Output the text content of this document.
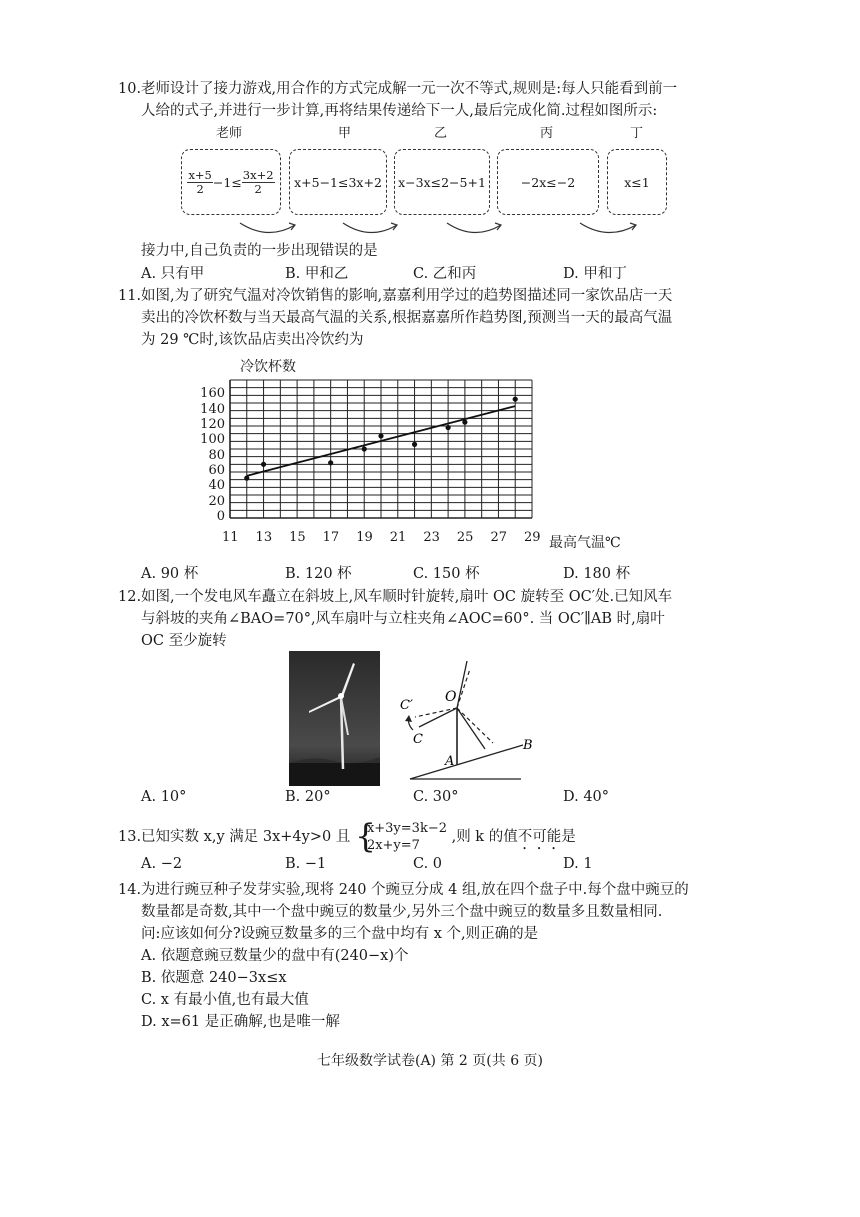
10.老师设计了接力游戏,用合作的方式完成解一元一次不等式,规则是:每人只能看到前一
人给的式子,并进行一步计算,再将结果传递给下一人,最后完成化简.过程如图所示:
老师	甲	乙	丙	丁
$\frac{x+5}{2} -1\le \frac{3x+2}{2}$	x+5−1≤3x+2	x−3x≤2−5+1	−2x≤−2	x≤1
接力中,自己负责的一步出现错误的是
A. 只有甲	B. 甲和乙	C. 乙和丙	D. 甲和丁
11.如图,为了研究气温对冷饮销售的影响,嘉嘉利用学过的趋势图描述同一家饮品店一天
卖出的冷饮杯数与当天最高气温的关系,根据嘉嘉所作趋势图,预测当一天的最高气温
为 29 ℃时,该饮品店卖出冷饮约为
冷饮杯数
最高气温℃
11 13 15 17 19 21 23 25 27 29
0
20
40
60
80
100
120
140
160
A. 90 杯	B. 120 杯	C. 150 杯	D. 180 杯
12.如图,一个发电风车矗立在斜坡上,风车顺时针旋转,扇叶 OC 旋转至 OC′处.已知风车
与斜坡的夹角∠BAO=70°,风车扇叶与立柱夹角∠AOC=60°. 当 OC′∥AB 时,扇叶
OC 至少旋转
O
C′
C
A
B
A. 10°	B. 20°	C. 30°	D. 40°
13.已知实数 x,y 满足 3x+4y>0 且 {
x+3y=3k−2
2x+y=7
,则 k 的值不可能是
A. −2	B. −1	C. 0	D. 1
14.为进行豌豆种子发芽实验,现将 240 个豌豆分成 4 组,放在四个盘子中.每个盘中豌豆的
数量都是奇数,其中一个盘中豌豆的数量少,另外三个盘中豌豆的数量多且数量相同.
问:应该如何分?设豌豆数量多的三个盘中均有 x 个,则正确的是
A. 依题意豌豆数量少的盘中有(240−x)个
B. 依题意 240−3x≤x
C. x 有最小值,也有最大值
D. x=61 是正确解,也是唯一解
七年级数学试卷(A) 第 2 页(共 6 页)
